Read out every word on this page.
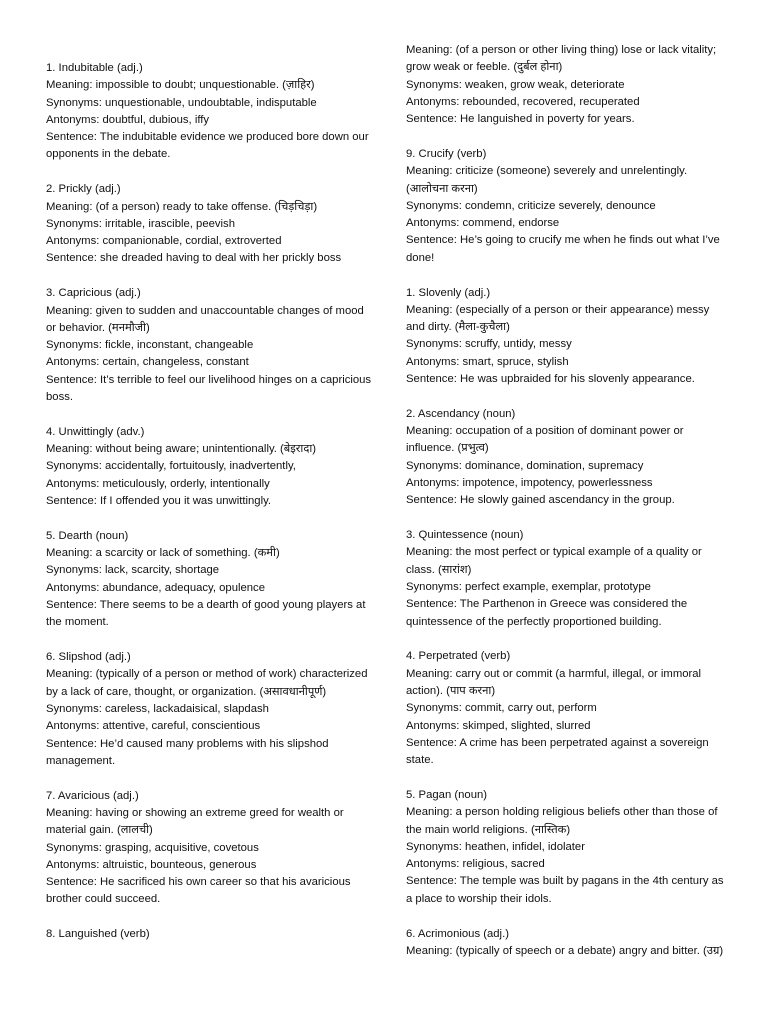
1. Indubitable (adj.)
Meaning: impossible to doubt; unquestionable. (ज़ाहिर)
Synonyms: unquestionable, undoubtable, indisputable
Antonyms: doubtful, dubious, iffy
Sentence: The indubitable evidence we produced bore down our opponents in the debate.
2. Prickly (adj.)
Meaning: (of a person) ready to take offense. (चिड़चिड़ा)
Synonyms: irritable, irascible, peevish
Antonyms: companionable, cordial, extroverted
Sentence: she dreaded having to deal with her prickly boss
3. Capricious (adj.)
Meaning: given to sudden and unaccountable changes of mood or behavior. (मनमौजी)
Synonyms: fickle, inconstant, changeable
Antonyms: certain, changeless, constant
Sentence: It’s terrible to feel our livelihood hinges on a capricious boss.
4. Unwittingly (adv.)
Meaning: without being aware; unintentionally. (बेइरादा)
Synonyms: accidentally, fortuitously, inadvertently,
Antonyms: meticulously, orderly, intentionally
Sentence: If I offended you it was unwittingly.
5. Dearth (noun)
Meaning: a scarcity or lack of something. (कमी)
Synonyms: lack, scarcity, shortage
Antonyms: abundance, adequacy, opulence
Sentence: There seems to be a dearth of good young players at the moment.
6. Slipshod (adj.)
Meaning: (typically of a person or method of work) characterized by a lack of care, thought, or organization. (असावधानीपूर्ण)
Synonyms: careless, lackadaisical, slapdash
Antonyms: attentive, careful, conscientious
Sentence: He’d caused many problems with his slipshod management.
7. Avaricious (adj.)
Meaning: having or showing an extreme greed for wealth or material gain. (लालची)
Synonyms: grasping, acquisitive, covetous
Antonyms: altruistic, bounteous, generous
Sentence: He sacrificed his own career so that his avaricious brother could succeed.
8. Languished (verb)
Meaning: (of a person or other living thing) lose or lack vitality; grow weak or feeble. (दुर्बल होना)
Synonyms: weaken, grow weak, deteriorate
Antonyms: rebounded, recovered, recuperated
Sentence: He languished in poverty for years.
9. Crucify (verb)
Meaning: criticize (someone) severely and unrelentingly. (आलोचना करना)
Synonyms: condemn, criticize severely, denounce
Antonyms: commend, endorse
Sentence: He’s going to crucify me when he finds out what I’ve done!
1. Slovenly (adj.)
Meaning: (especially of a person or their appearance) messy and dirty. (मैला-कुचैला)
Synonyms: scruffy, untidy, messy
Antonyms: smart, spruce, stylish
Sentence: He was upbraided for his slovenly appearance.
2. Ascendancy (noun)
Meaning: occupation of a position of dominant power or influence. (प्रभुत्व)
Synonyms: dominance, domination, supremacy
Antonyms: impotence, impotency, powerlessness
Sentence: He slowly gained ascendancy in the group.
3. Quintessence (noun)
Meaning: the most perfect or typical example of a quality or class. (सारांश)
Synonyms: perfect example, exemplar, prototype
Sentence: The Parthenon in Greece was considered the quintessence of the perfectly proportioned building.
4. Perpetrated (verb)
Meaning: carry out or commit (a harmful, illegal, or immoral action). (पाप करना)
Synonyms: commit, carry out, perform
Antonyms: skimped, slighted, slurred
Sentence: A crime has been perpetrated against a sovereign state.
5. Pagan (noun)
Meaning: a person holding religious beliefs other than those of the main world religions. (नास्तिक)
Synonyms: heathen, infidel, idolater
Antonyms: religious, sacred
Sentence: The temple was built by pagans in the 4th century as a place to worship their idols.
6. Acrimonious (adj.)
Meaning: (typically of speech or a debate) angry and bitter. (उग्र)
